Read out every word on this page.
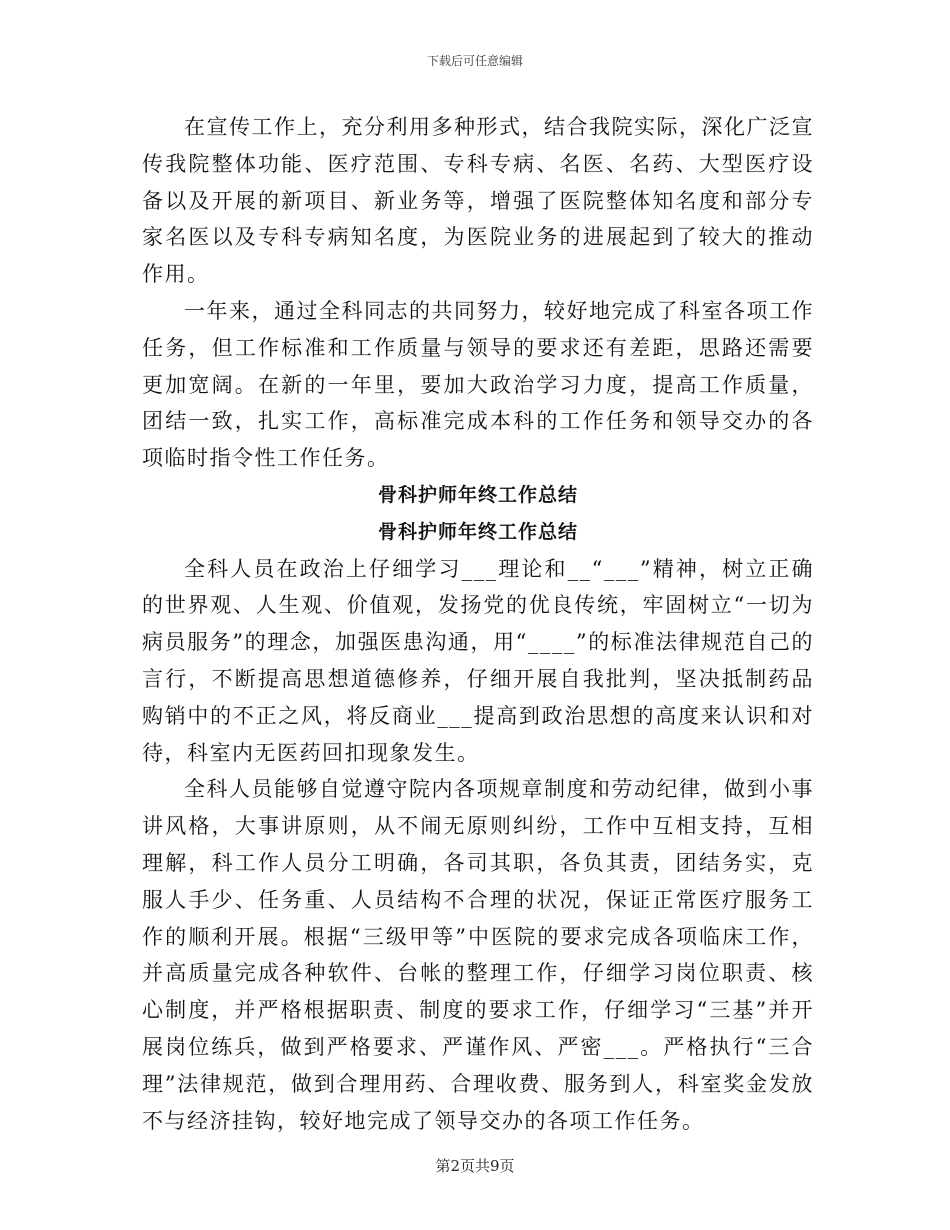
下载后可任意编辑

在宣传工作上，充分利用多种形式，结合我院实际，深化广泛宣传我院整体功能、医疗范围、专科专病、名医、名药、大型医疗设备以及开展的新项目、新业务等，增强了医院整体知名度和部分专家名医以及专科专病知名度，为医院业务的进展起到了较大的推动作用。

一年来，通过全科同志的共同努力，较好地完成了科室各项工作任务，但工作标准和工作质量与领导的要求还有差距，思路还需要更加宽阔。在新的一年里，要加大政治学习力度，提高工作质量，团结一致，扎实工作，高标准完成本科的工作任务和领导交办的各项临时指令性工作任务。

骨科护师年终工作总结

骨科护师年终工作总结

全科人员在政治上仔细学习___理论和__“___”精神，树立正确的世界观、人生观、价值观，发扬党的优良传统，牢固树立“一切为病员服务”的理念，加强医患沟通，用“____”的标准法律规范自己的言行，不断提高思想道德修养，仔细开展自我批判，坚决抵制药品购销中的不正之风，将反商业___提高到政治思想的高度来认识和对待，科室内无医药回扣现象发生。

全科人员能够自觉遵守院内各项规章制度和劳动纪律，做到小事讲风格，大事讲原则，从不闹无原则纠纷，工作中互相支持，互相理解，科工作人员分工明确，各司其职，各负其责，团结务实，克服人手少、任务重、人员结构不合理的状况，保证正常医疗服务工作的顺利开展。根据“三级甲等”中医院的要求完成各项临床工作，并高质量完成各种软件、台帐的整理工作，仔细学习岗位职责、核心制度，并严格根据职责、制度的要求工作，仔细学习“三基”并开展岗位练兵，做到严格要求、严谨作风、严密___。严格执行“三合理”法律规范，做到合理用药、合理收费、服务到人，科室奖金发放不与经济挂钩，较好地完成了领导交办的各项工作任务。

第2页共9页
